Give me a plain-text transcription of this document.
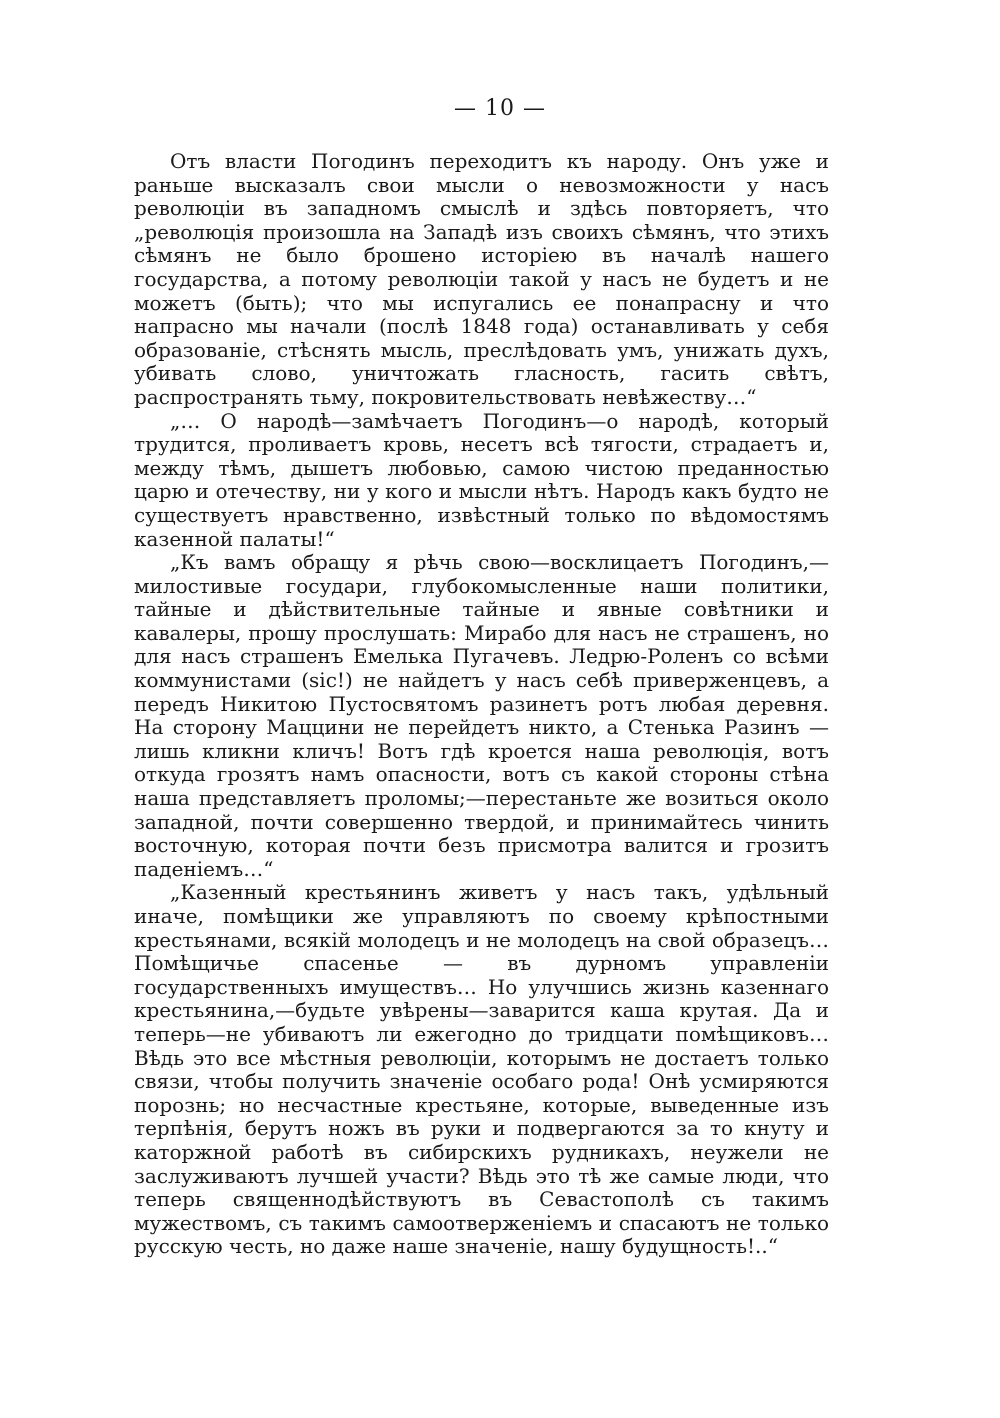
— 10 —

Отъ власти Погодинъ переходитъ къ народу. Онъ уже и раньше высказалъ свои мысли о невозможности у насъ революціи въ западномъ смыслѣ и здѣсь повторяетъ, что „революція произошла на Западѣ изъ своихъ сѣмянъ, что этихъ сѣмянъ не было брошено исторіею въ началѣ нашего государства, а потому революціи такой у насъ не будетъ и не можетъ (быть); что мы испугались ее понапрасну и что напрасно мы начали (послѣ 1848 года) останавливать у себя образованіе, стѣснять мысль, преслѣдовать умъ, унижать духъ, убивать слово, уничтожать гласность, гасить свѣтъ, распространять тьму, покровительствовать невѣжеству…“

„… О народѣ—замѣчаетъ Погодинъ—о народѣ, который трудится, проливаетъ кровь, несетъ всѣ тягости, страдаетъ и, между тѣмъ, дышетъ любовью, самою чистою преданностью царю и отечеству, ни у кого и мысли нѣтъ. Народъ какъ будто не существуетъ нравственно, извѣстный только по вѣдомостямъ казенной палаты!“

„Къ вамъ обращу я рѣчь свою—восклицаетъ Погодинъ,—милостивые государи, глубокомысленные наши политики, тайные и дѣйствительные тайные и явные совѣтники и кавалеры, прошу прослушать: Мирабо для насъ не страшенъ, но для насъ страшенъ Емелька Пугачевъ. Ледрю-Роленъ со всѣми коммунистами (sic!) не найдетъ у насъ себѣ приверженцевъ, а передъ Никитою Пустосвятомъ разинетъ ротъ любая деревня. На сторону Маццини не перейдетъ никто, а Стенька Разинъ — лишь кликни кличъ! Вотъ гдѣ кроется наша революція, вотъ откуда грозятъ намъ опасности, вотъ съ какой стороны стѣна наша представляетъ проломы;—перестаньте же возиться около западной, почти совершенно твердой, и принимайтесь чинить восточную, которая почти безъ присмотра валится и грозитъ паденіемъ…“

„Казенный крестьянинъ живетъ у насъ такъ, удѣльный иначе, помѣщики же управляютъ по своему крѣпостными крестьянами, всякій молодецъ и не молодецъ на свой образецъ… Помѣщичье спасенье — въ дурномъ управленіи государственныхъ имуществъ… Но улучшись жизнь казеннаго крестьянина,—будьте увѣрены—заварится каша крутая. Да и теперь—не убиваютъ ли ежегодно до тридцати помѣщиковъ… Вѣдь это все мѣстныя революціи, которымъ не достаетъ только связи, чтобы получить значеніе особаго рода! Онѣ усмиряются порознь; но несчастные крестьяне, которые, выведенные изъ терпѣнія, берутъ ножъ въ руки и подвергаются за то кнуту и каторжной работѣ въ сибирскихъ рудникахъ, неужели не заслуживаютъ лучшей участи? Вѣдь это тѣ же самые люди, что теперь священнодѣйствуютъ въ Севастополѣ съ такимъ мужествомъ, съ такимъ самоотверженіемъ и спасаютъ не только русскую честь, но даже наше значеніе, нашу будущность!..“
